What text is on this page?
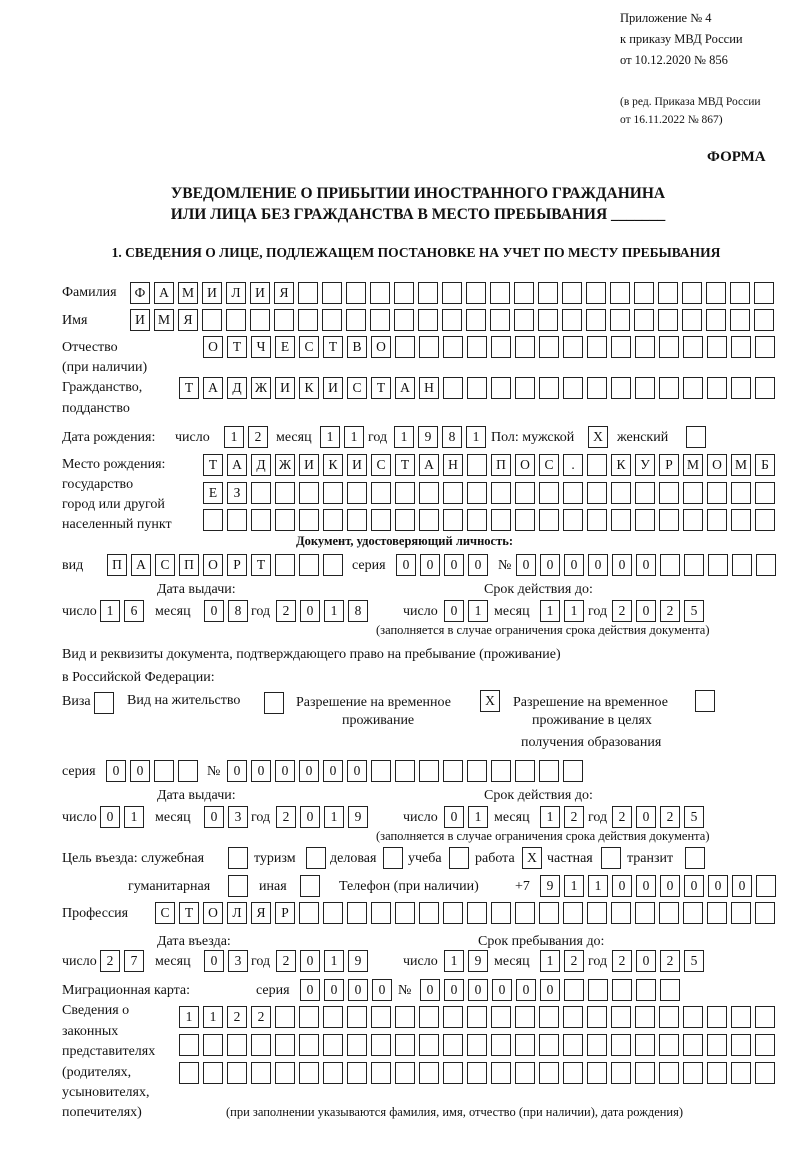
Приложение № 4
к приказу МВД России
от 10.12.2020 № 856
(в ред. Приказа МВД России
от 16.11.2022 № 867)
ФОРМА
УВЕДОМЛЕНИЕ О ПРИБЫТИИ ИНОСТРАННОГО ГРАЖДАНИНА
ИЛИ ЛИЦА БЕЗ ГРАЖДАНСТВА В МЕСТО ПРЕБЫВАНИЯ _______
1. СВЕДЕНИЯ О ЛИЦЕ, ПОДЛЕЖАЩЕМ ПОСТАНОВКЕ НА УЧЕТ ПО МЕСТУ ПРЕБЫВАНИЯ
Фамилия	Ф	А М И	Л	И	Я
Имя	И М Я
Отчество
(при наличии)
О	Т	Ч	Е	С	Т	В	О
Гражданство,
подданство
Т	А	Д Ж И	К	И	С	Т	А	Н
Дата рождения: число	1	2	месяц	1	1 год	1	9	8	1 Пол: мужской	X	женский
Место рождения:
государство
город или другой
населенный пункт
Т	А	Д Ж И	К	И	С	Т	А	Н	П	О	С	.	К	У	Р	М О М	Б
Е	З
Документ, удостоверяющий личность:
вид	П	А	С	П	О	Р	Т	серия	0	0	0	0	№ 0	0	0	0	0	0
Дата выдачи:	Срок действия до:
число 1	6	месяц	0	8 год 2	0	1	8	число 0	1 месяц	1	1 год 2	0	2	5
(заполняется в случае ограничения срока действия документа)
Вид и реквизиты документа, подтверждающего право на пребывание (проживание)
в Российской Федерации:
Виза	Вид на жительство	Разрешение на временное
проживание
X	Разрешение на временное
проживание в целях
получения образования
серия	0	0	№ 0	0	0	0	0	0
Дата выдачи:	Срок действия до:
число 0	1	месяц	0	3 год 2	0	1	9	число 0	1 месяц	1	2 год 2	0	2	5
(заполняется в случае ограничения срока действия документа)
Цель въезда: служебная	туризм деловая учеба работа X частная транзит
гуманитарная	иная	Телефон (при наличии)	+7	9	1	1	0	0	0	0	0	0
Профессия	С	Т	О	Л	Я	Р
Дата въезда:	Срок пребывания до:
число 2	7	месяц	0	3 год 2	0	1	9	число 1	9 месяц	1	2 год 2	0	2	5
Миграционная карта:	серия	0	0	0	0 №	0	0	0	0	0	0
Сведения о
законных
представителях
(родителях,
усыновителях,
попечителях)
1	1	2	2
(при заполнении указываются фамилия, имя, отчество (при наличии), дата рождения)
